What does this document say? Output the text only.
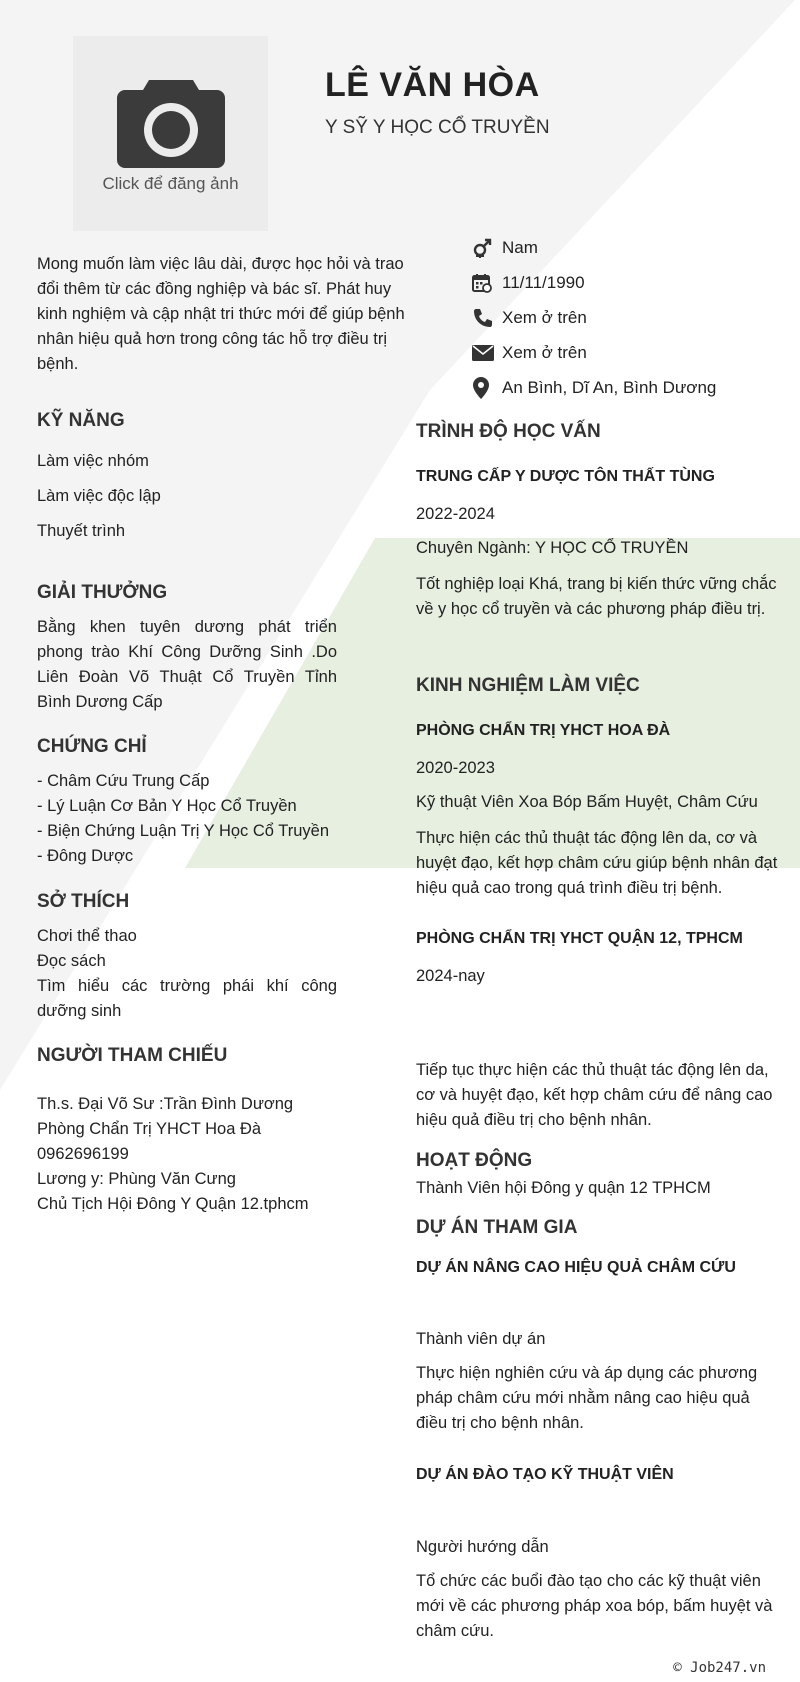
Click để đăng ảnh
LÊ VĂN HÒA
Y SỸ Y HỌC CỔ TRUYỀN
Nam
11/11/1990
Xem ở trên
Xem ở trên
An Bình, Dĩ An, Bình Dương
Mong muốn làm việc lâu dài, được học hỏi và trao đổi thêm từ các đồng nghiệp và bác sĩ. Phát huy kinh nghiệm và cập nhật tri thức mới để giúp bệnh nhân hiệu quả hơn trong công tác hỗ trợ điều trị bệnh.
KỸ NĂNG
Làm việc nhóm
Làm việc độc lập
Thuyết trình
GIẢI THƯỞNG
Bằng khen tuyên dương phát triển phong trào Khí Công Dưỡng Sinh .Do Liên Đoàn Võ Thuật Cổ Truyền Tỉnh Bình Dương Cấp
CHỨNG CHỈ
- Châm Cứu Trung Cấp
- Lý Luận Cơ Bản Y Học Cổ Truyền
- Biện Chứng Luận Trị Y Học Cổ Truyền
- Đông Dược
SỞ THÍCH
Chơi thể thao
Đọc sách
Tìm hiểu các trường phái khí công dưỡng sinh
NGƯỜI THAM CHIẾU
Th.s. Đại Võ Sư :Trần Đình Dương
Phòng Chẩn Trị YHCT Hoa Đà
0962696199
Lương y: Phùng Văn Cưng
Chủ Tịch Hội Đông Y Quận 12.tphcm
TRÌNH ĐỘ HỌC VẤN
TRUNG CẤP Y DƯỢC TÔN THẤT TÙNG
2022-2024
Chuyên Ngành: Y HỌC CỔ TRUYỀN
Tốt nghiệp loại Khá, trang bị kiến thức vững chắc về y học cổ truyền và các phương pháp điều trị.
KINH NGHIỆM LÀM VIỆC
PHÒNG CHẨN TRỊ YHCT HOA ĐÀ
2020-2023
Kỹ thuật Viên Xoa Bóp Bấm Huyệt, Châm Cứu
Thực hiện các thủ thuật tác động lên da, cơ và huyệt đạo, kết hợp châm cứu giúp bệnh nhân đạt hiệu quả cao trong quá trình điều trị bệnh.
PHÒNG CHẨN TRỊ YHCT QUẬN 12, TPHCM
2024-nay
Tiếp tục thực hiện các thủ thuật tác động lên da, cơ và huyệt đạo, kết hợp châm cứu để nâng cao hiệu quả điều trị cho bệnh nhân.
HOẠT ĐỘNG
Thành Viên hội Đông y quận 12 TPHCM
DỰ ÁN THAM GIA
DỰ ÁN NÂNG CAO HIỆU QUẢ CHÂM CỨU
Thành viên dự án
Thực hiện nghiên cứu và áp dụng các phương pháp châm cứu mới nhằm nâng cao hiệu quả điều trị cho bệnh nhân.
DỰ ÁN ĐÀO TẠO KỸ THUẬT VIÊN
Người hướng dẫn
Tổ chức các buổi đào tạo cho các kỹ thuật viên mới về các phương pháp xoa bóp, bấm huyệt và châm cứu.
© Job247.vn
